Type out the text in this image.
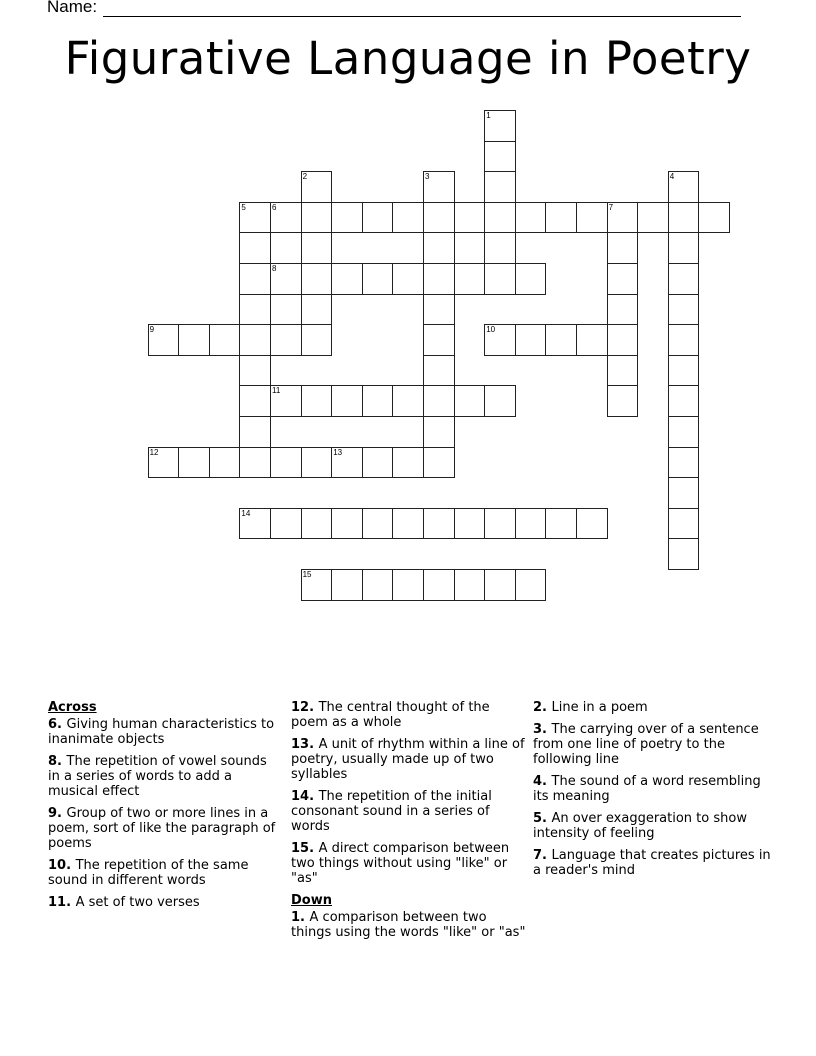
Name:
Figurative Language in Poetry
1
2	3	4
5	6	7
8
9	10
11
12	13
14
15
Across
6. Giving human characteristics to inanimate objects
8. The repetition of vowel sounds in a series of words to add a musical effect
9. Group of two or more lines in a poem, sort of like the paragraph of poems
10. The repetition of the same sound in different words
11. A set of two verses
12. The central thought of the poem as a whole
13. A unit of rhythm within a line of poetry, usually made up of two syllables
14. The repetition of the initial consonant sound in a series of words
15. A direct comparison between two things without using "like" or "as"
Down
1. A comparison between two things using the words "like" or "as"
2. Line in a poem
3. The carrying over of a sentence from one line of poetry to the following line
4. The sound of a word resembling its meaning
5. An over exaggeration to show intensity of feeling
7. Language that creates pictures in a reader's mind
